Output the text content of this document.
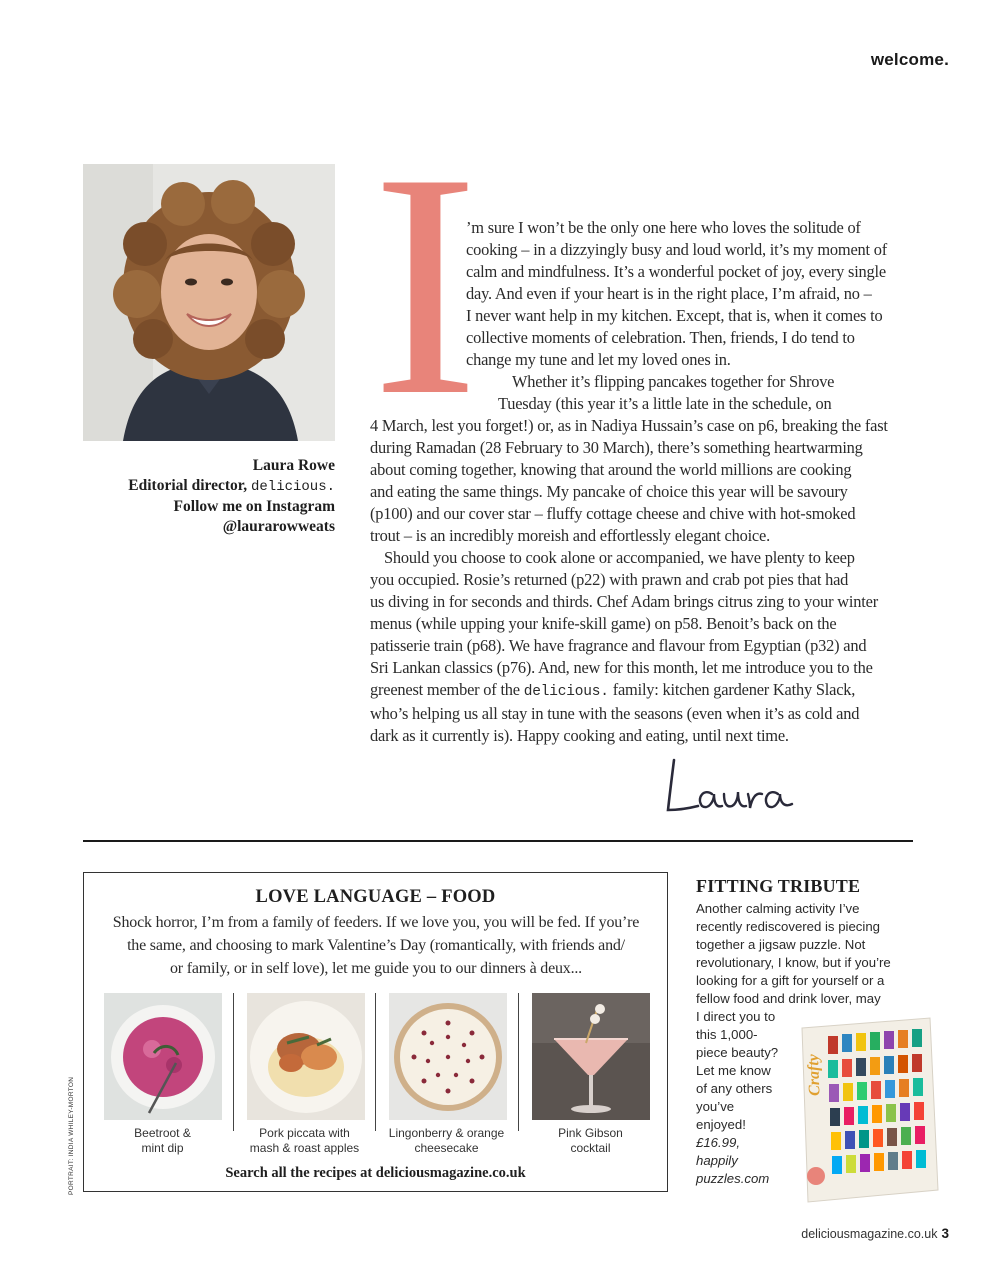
welcome.
Laura Rowe
Editorial director, delicious.
Follow me on Instagram
@laurarowweats
I
’m sure I won’t be the only one here who loves the solitude of
cooking – in a dizzyingly busy and loud world, it’s my moment of
calm and mindfulness. It’s a wonderful pocket of joy, every single
day. And even if your heart is in the right place, I’m afraid, no –
I never want help in my kitchen. Except, that is, when it comes to
collective moments of celebration. Then, friends, I do tend to
change my tune and let my loved ones in.
Whether it’s flipping pancakes together for Shrove
Tuesday (this year it’s a little late in the schedule, on
4 March, lest you forget!) or, as in Nadiya Hussain’s case on p6, breaking the fast
during Ramadan (28 February to 30 March), there’s something heartwarming
about coming together, knowing that around the world millions are cooking
and eating the same things. My pancake of choice this year will be savoury
(p100) and our cover star – fluffy cottage cheese and chive with hot-smoked
trout – is an incredibly moreish and effortlessly elegant choice.
Should you choose to cook alone or accompanied, we have plenty to keep
you occupied. Rosie’s returned (p22) with prawn and crab pot pies that had
us diving in for seconds and thirds. Chef Adam brings citrus zing to your winter
menus (while upping your knife-skill game) on p58. Benoit’s back on the
patisserie train (p68). We have fragrance and flavour from Egyptian (p32) and
Sri Lankan classics (p76). And, new for this month, let me introduce you to the
greenest member of the delicious. family: kitchen gardener Kathy Slack,
who’s helping us all stay in tune with the seasons (even when it’s as cold and
dark as it currently is). Happy cooking and eating, until next time.
LOVE LANGUAGE – FOOD
Shock horror, I’m from a family of feeders. If we love you, you will be fed. If you’re
the same, and choosing to mark Valentine’s Day (romantically, with friends and/
or family, or in self love), let me guide you to our dinners à deux...
Beetroot &
mint dip
Pork piccata with
mash & roast apples
Lingonberry & orange
cheesecake
Pink Gibson
cocktail
Search all the recipes at deliciousmagazine.co.uk
PORTRAIT: INDIA WHILEY-MORTON
FITTING TRIBUTE
Another calming activity I’ve
recently rediscovered is piecing
together a jigsaw puzzle. Not
revolutionary, I know, but if you’re
looking for a gift for yourself or a
fellow food and drink lover, may
I direct you to
this 1,000-
piece beauty?
Let me know
of any others
you’ve
enjoyed!
£16.99,
happily
puzzles.com
Crafty
deliciousmagazine.co.uk 3
